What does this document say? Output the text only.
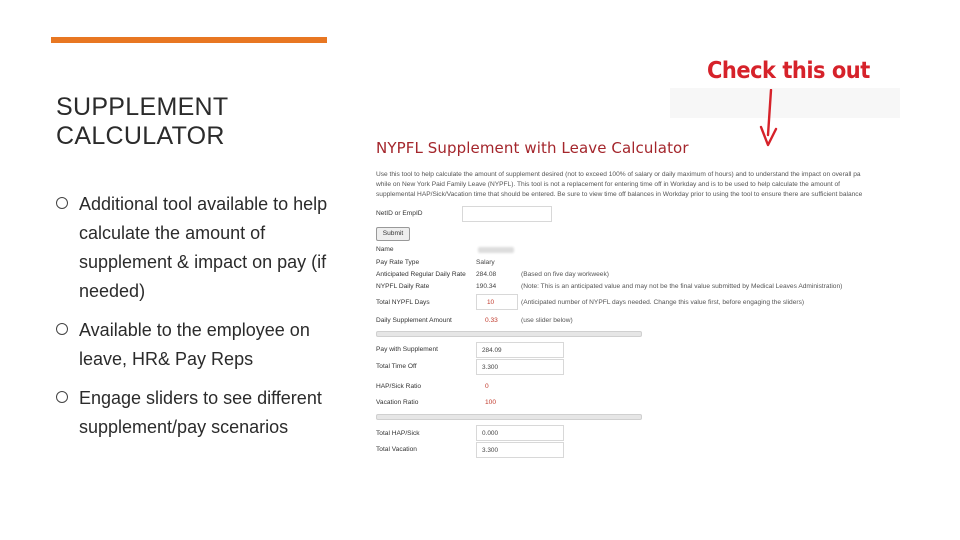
SUPPLEMENT CALCULATOR
Additional tool available to help calculate the amount of supplement & impact on pay (if needed)
Available to the employee on leave, HR& Pay Reps
Engage sliders to see different supplement/pay scenarios
Check this out
NYPFL Supplement with Leave Calculator
Use this tool to help calculate the amount of supplement desired (not to exceed 100% of salary or daily maximum of hours) and to understand the impact on overall pa
while on New York Paid Family Leave (NYPFL). This tool is not a replacement for entering time off in Workday and is to be used to help calculate the amount of
supplemental HAP/Sick/Vacation time that should be entered. Be sure to view time off balances in Workday prior to using the tool to ensure there are sufficient balance
NetID or EmpID
Submit
Name
Pay Rate Type	Salary
Anticipated Regular Daily Rate 284.08	(Based on five day workweek)
NYPFL Daily Rate	190.34	(Note: This is an anticipated value and may not be the final value submitted by Medical Leaves Administration)
Total NYPFL Days	10	(Anticipated number of NYPFL days needed. Change this value first, before engaging the sliders)
Daily Supplement Amount	0.33	(use slider below)
Pay with Supplement	284.09
Total Time Off	3.300
HAP/Sick Ratio	0
Vacation Ratio	100
Total HAP/Sick	0.000
Total Vacation	3.300
